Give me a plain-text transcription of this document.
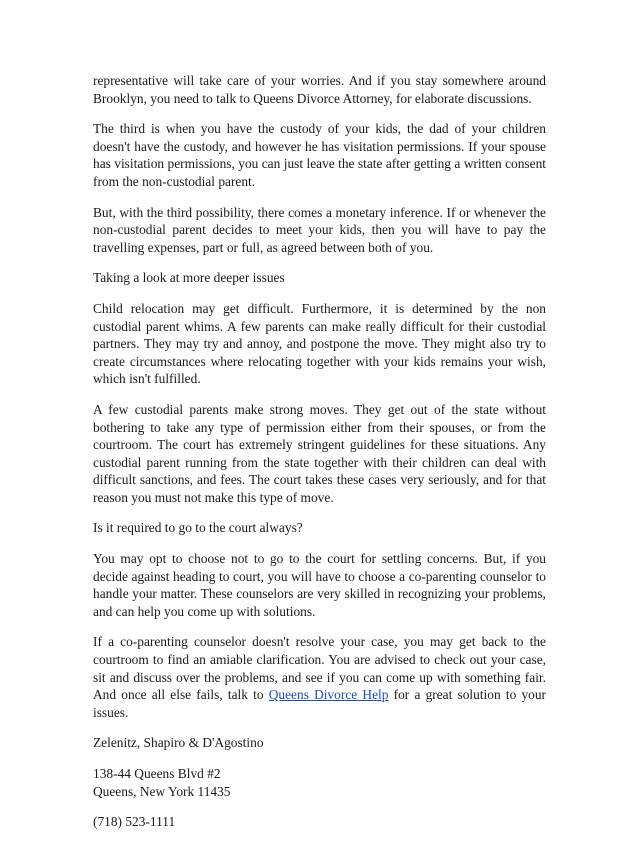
representative will take care of your worries. And if you stay somewhere around Brooklyn, you need to talk to Queens Divorce Attorney, for elaborate discussions.

The third is when you have the custody of your kids, the dad of your children doesn't have the custody, and however he has visitation permissions. If your spouse has visitation permissions, you can just leave the state after getting a written consent from the non-custodial parent.

But, with the third possibility, there comes a monetary inference. If or whenever the non-custodial parent decides to meet your kids, then you will have to pay the travelling expenses, part or full, as agreed between both of you.

Taking a look at more deeper issues

Child relocation may get difficult. Furthermore, it is determined by the non custodial parent whims. A few parents can make really difficult for their custodial partners. They may try and annoy, and postpone the move. They might also try to create circumstances where relocating together with your kids remains your wish, which isn't fulfilled.

A few custodial parents make strong moves. They get out of the state without bothering to take any type of permission either from their spouses, or from the courtroom. The court has extremely stringent guidelines for these situations. Any custodial parent running from the state together with their children can deal with difficult sanctions, and fees. The court takes these cases very seriously, and for that reason you must not make this type of move.

Is it required to go to the court always?

You may opt to choose not to go to the court for settling concerns. But, if you decide against heading to court, you will have to choose a co-parenting counselor to handle your matter. These counselors are very skilled in recognizing your problems, and can help you come up with solutions.

If a co-parenting counselor doesn't resolve your case, you may get back to the courtroom to find an amiable clarification. You are advised to check out your case, sit and discuss over the problems, and see if you can come up with something fair. And once all else fails, talk to Queens Divorce Help for a great solution to your issues.

Zelenitz, Shapiro & D'Agostino

138-44 Queens Blvd #2
Queens, New York 11435

(718) 523-1111
